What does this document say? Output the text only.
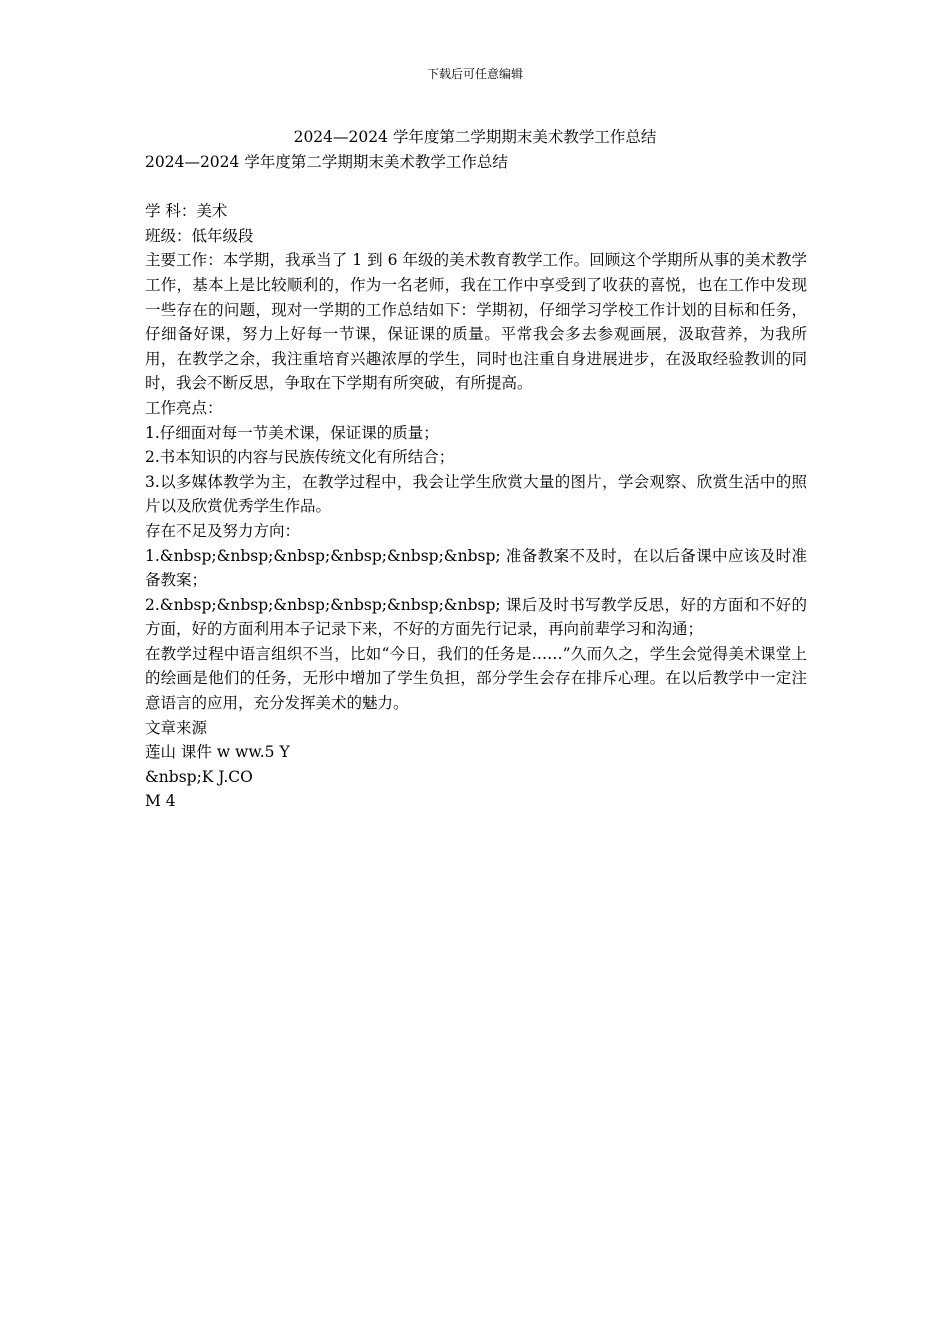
下载后可任意编辑
2024—2024 学年度第二学期期末美术教学工作总结

2024—2024 学年度第二学期期末美术教学工作总结

学 科：美术

班级：低年级段

主要工作：本学期，我承当了 1 到 6 年级的美术教育教学工作。回顾这个学期所从事的美术教学工作，基本上是比较顺利的，作为一名老师，我在工作中享受到了收获的喜悦，也在工作中发现一些存在的问题，现对一学期的工作总结如下：学期初，仔细学习学校工作计划的目标和任务，仔细备好课，努力上好每一节课，保证课的质量。平常我会多去参观画展，汲取营养，为我所用，在教学之余，我注重培育兴趣浓厚的学生，同时也注重自身进展进步，在汲取经验教训的同时，我会不断反思，争取在下学期有所突破，有所提高。

工作亮点：

1.仔细面对每一节美术课，保证课的质量；

2.书本知识的内容与民族传统文化有所结合；

3.以多媒体教学为主，在教学过程中，我会让学生欣赏大量的图片，学会观察、欣赏生活中的照片以及欣赏优秀学生作品。

存在不足及努力方向：

1.&nbsp;&nbsp;&nbsp;&nbsp;&nbsp;&nbsp; 准备教案不及时，在以后备课中应该及时准备教案；

2.&nbsp;&nbsp;&nbsp;&nbsp;&nbsp;&nbsp; 课后及时书写教学反思，好的方面和不好的方面，好的方面利用本子记录下来，不好的方面先行记录，再向前辈学习和沟通；

在教学过程中语言组织不当，比如“今日，我们的任务是……”久而久之，学生会觉得美术课堂上的绘画是他们的任务，无形中增加了学生负担，部分学生会存在排斥心理。在以后教学中一定注意语言的应用，充分发挥美术的魅力。

文章来源

莲山 课件 w ww.5 Y

&nbsp;K J.CO

M 4
